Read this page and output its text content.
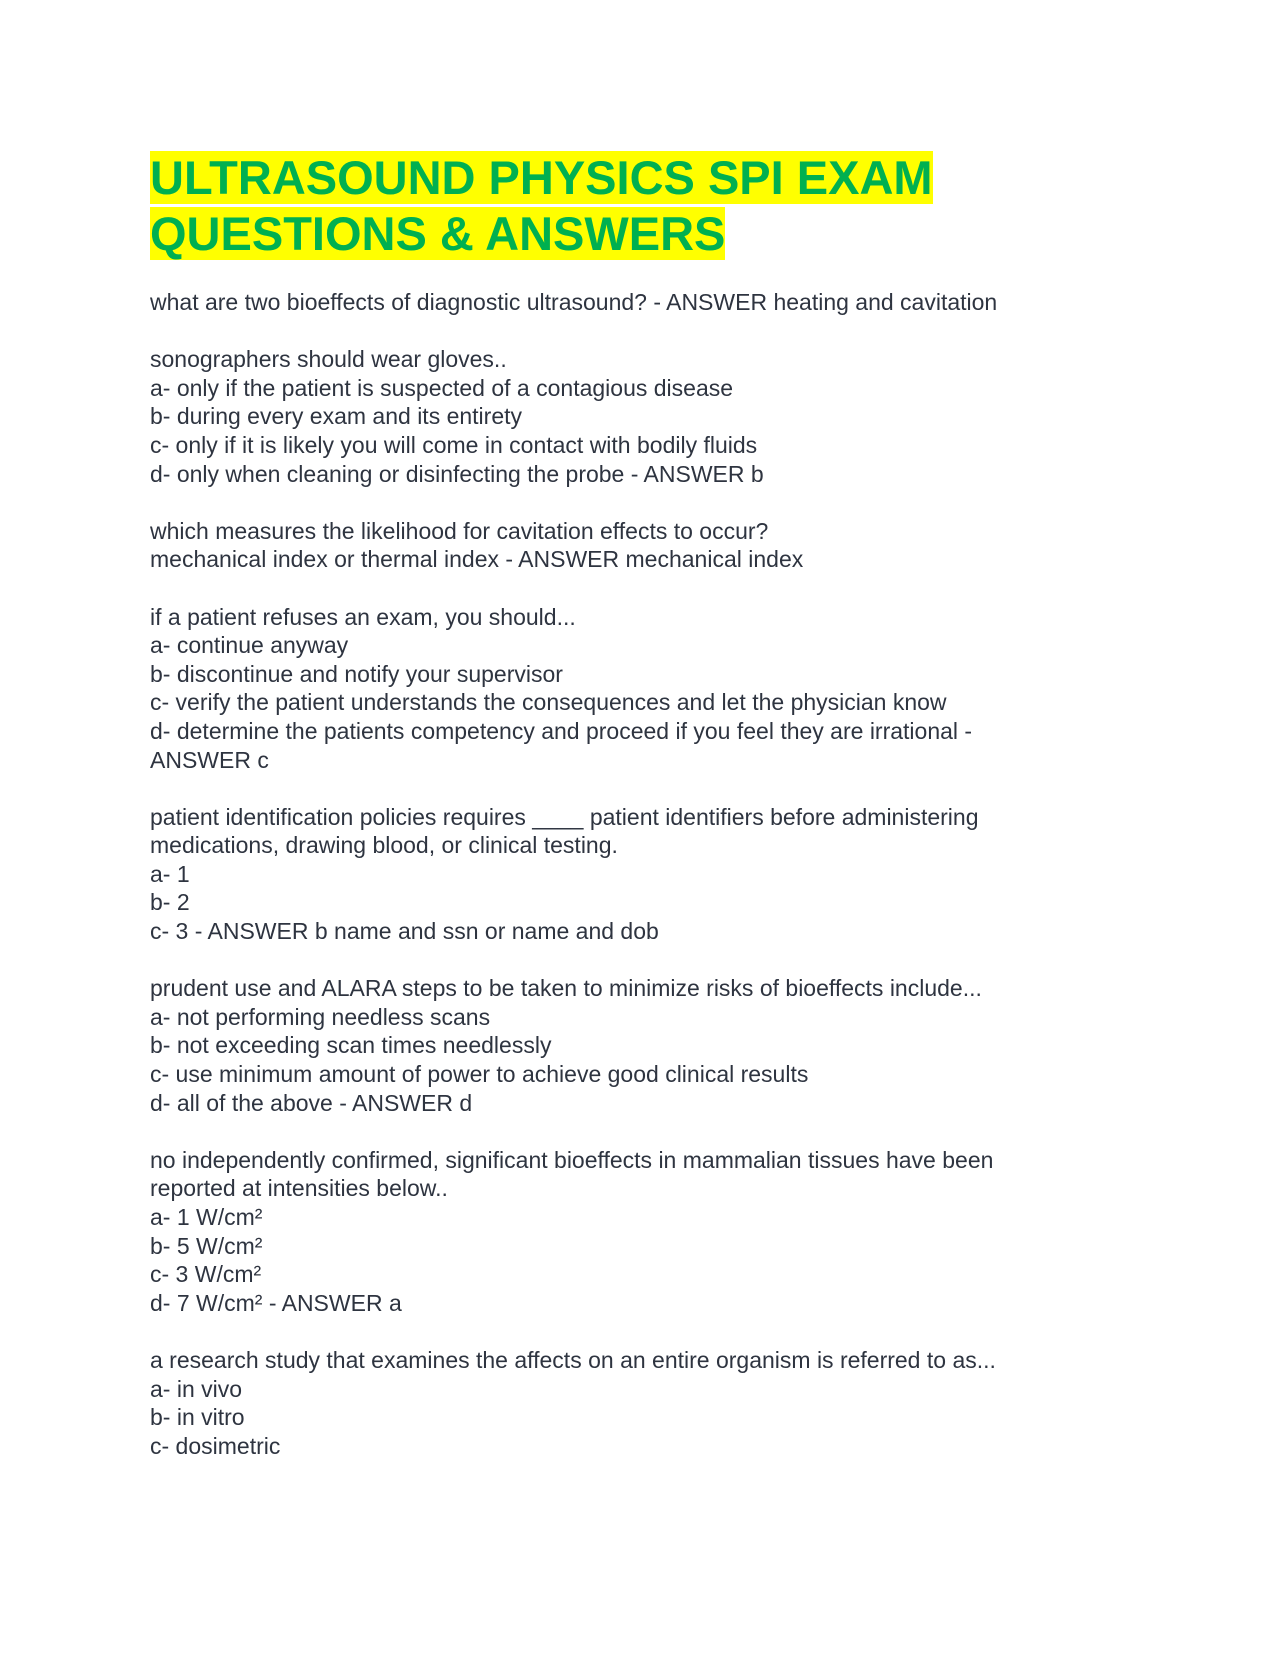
ULTRASOUND PHYSICS SPI EXAM
QUESTIONS & ANSWERS
what are two bioeffects of diagnostic ultrasound? - ANSWER heating and cavitation
sonographers should wear gloves..
a- only if the patient is suspected of a contagious disease
b- during every exam and its entirety
c- only if it is likely you will come in contact with bodily fluids
d- only when cleaning or disinfecting the probe - ANSWER b
which measures the likelihood for cavitation effects to occur?
mechanical index or thermal index - ANSWER mechanical index
if a patient refuses an exam, you should...
a- continue anyway
b- discontinue and notify your supervisor
c- verify the patient understands the consequences and let the physician know
d- determine the patients competency and proceed if you feel they are irrational -
ANSWER c
patient identification policies requires ____ patient identifiers before administering
medications, drawing blood, or clinical testing.
a- 1
b- 2
c- 3 - ANSWER b name and ssn or name and dob
prudent use and ALARA steps to be taken to minimize risks of bioeffects include...
a- not performing needless scans
b- not exceeding scan times needlessly
c- use minimum amount of power to achieve good clinical results
d- all of the above - ANSWER d
no independently confirmed, significant bioeffects in mammalian tissues have been
reported at intensities below..
a- 1 W/cm²
b- 5 W/cm²
c- 3 W/cm²
d- 7 W/cm² - ANSWER a
a research study that examines the affects on an entire organism is referred to as...
a- in vivo
b- in vitro
c- dosimetric
